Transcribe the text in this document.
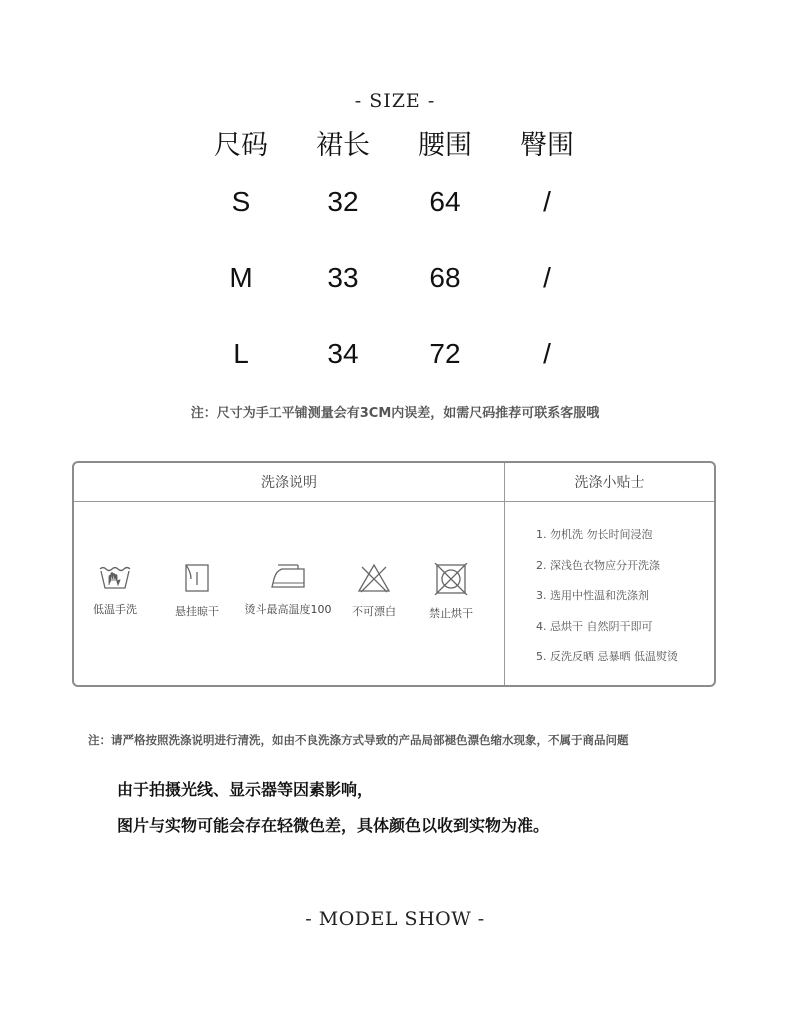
- SIZE -
尺码	裙长	腰围	臀围
S	32	64	/
M	33	68	/
L	34	72	/
注：尺寸为手工平铺测量会有3CM内误差，如需尺码推荐可联系客服哦
洗涤说明	洗涤小贴士
低温手洗	悬挂晾干	烫斗最高温度100	不可漂白	禁止烘干
1. 勿机洗 勿长时间浸泡
2. 深浅色衣物应分开洗涤
3. 选用中性温和洗涤剂
4. 忌烘干 自然阴干即可
5. 反洗反晒 忌暴晒 低温熨烫
注：请严格按照洗涤说明进行清洗，如由不良洗涤方式导致的产品局部褪色漂色缩水现象，不属于商品问题
由于拍摄光线、显示器等因素影响，
图片与实物可能会存在轻微色差，具体颜色以收到实物为准。
- MODEL SHOW -
